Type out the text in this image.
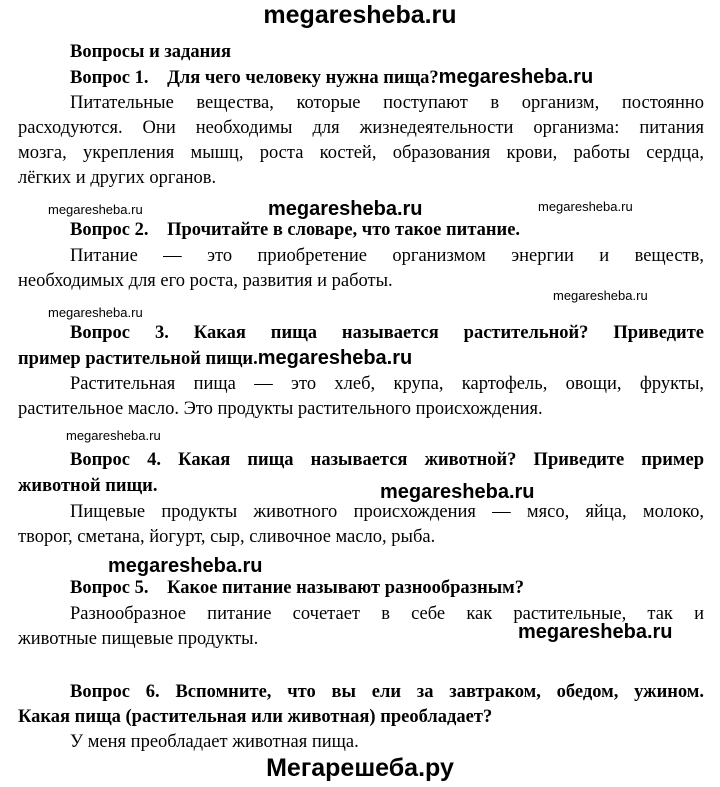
megaresheba.ru
Вопросы и задания
Вопрос 1. Для чего человеку нужна пища?megaresheba.ru
Питательные вещества, которые поступают в организм, постоянно
расходуются. Они необходимы для жизнедеятельности организма: питания
мозга, укрепления мышц, роста костей, образования крови, работы сердца,
лёгких и других органов.
megaresheba.ru	megaresheba.ru	megaresheba.ru
Вопрос 2. Прочитайте в словаре, что такое питание.
Питание — это приобретение организмом энергии и веществ,
необходимых для его роста, развития и работы.
megaresheba.ru
megaresheba.ru
Вопрос 3. Какая пища называется растительной? Приведите
пример растительной пищи.megaresheba.ru
Растительная пища — это хлеб, крупа, картофель, овощи, фрукты,
растительное масло. Это продукты растительного происхождения.
megaresheba.ru
Вопрос 4. Какая пища называется животной? Приведите пример
животной пищи.	megaresheba.ru
Пищевые продукты животного происхождения — мясо, яйца, молоко,
творог, сметана, йогурт, сыр, сливочное масло, рыба.
megaresheba.ru
Вопрос 5. Какое питание называют разнообразным?
Разнообразное питание сочетает в себе как растительные, так и
животные пищевые продукты.	megaresheba.ru
Вопрос 6. Вспомните, что вы ели за завтраком, обедом, ужином.
Какая пища (растительная или животная) преобладает?
У меня преобладает животная пища.
Мегарешеба.ру
